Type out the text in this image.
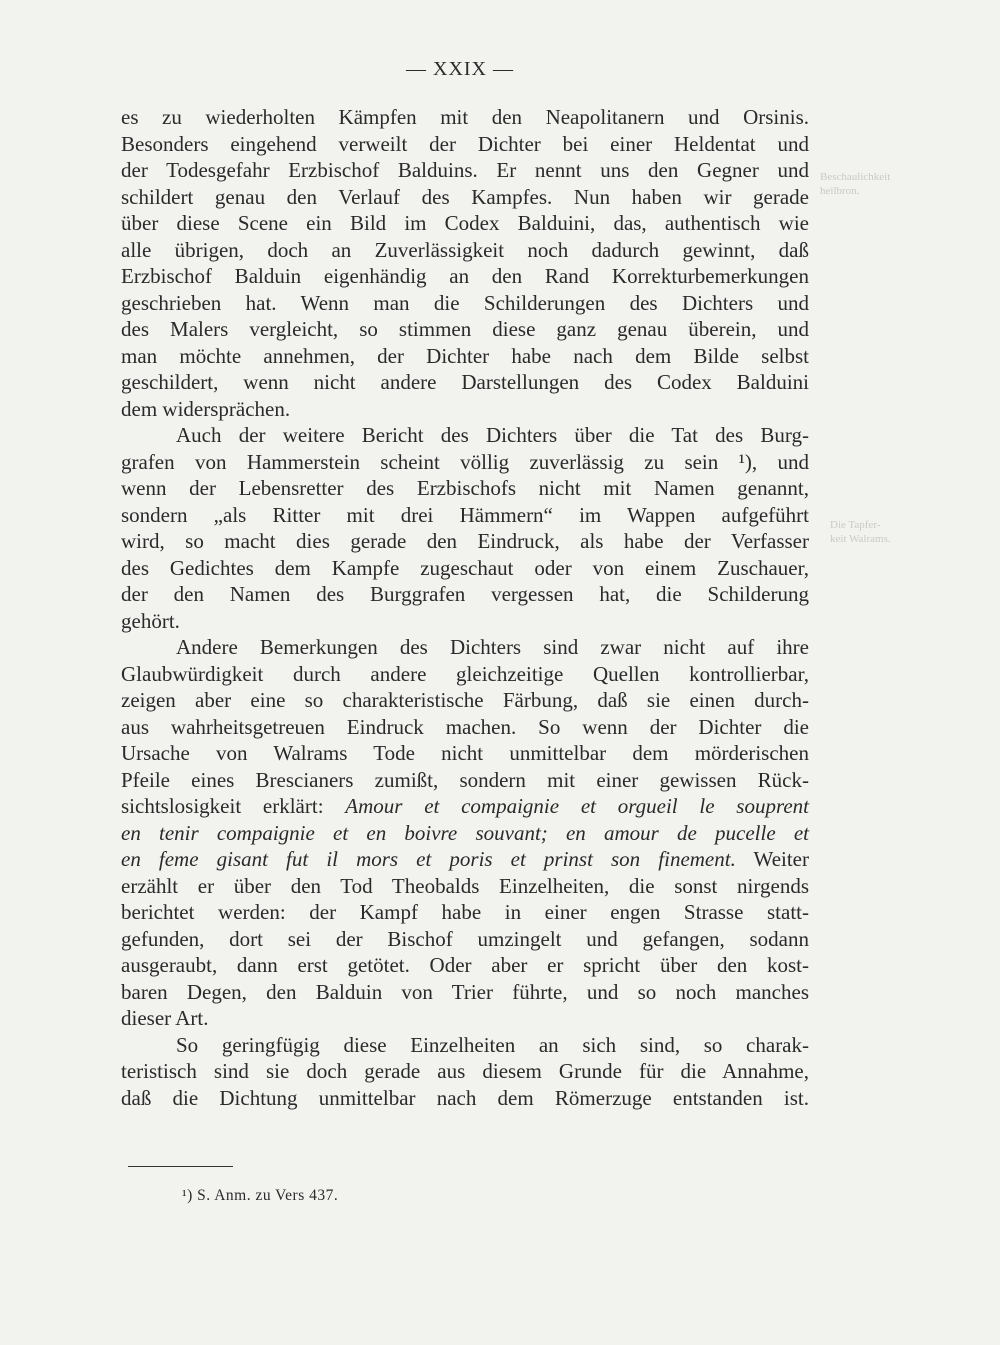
— XXIX —
Beschaulichkeit
heilbron.
Die Tapfer-
keit Walrams.
es zu wiederholten Kämpfen mit den Neapolitanern und Orsinis.
Besonders eingehend verweilt der Dichter bei einer Heldentat und
der Todesgefahr Erzbischof Balduins. Er nennt uns den Gegner und
schildert genau den Verlauf des Kampfes. Nun haben wir gerade
über diese Scene ein Bild im Codex Balduini, das, authentisch wie
alle übrigen, doch an Zuverlässigkeit noch dadurch gewinnt, daß
Erzbischof Balduin eigenhändig an den Rand Korrekturbemerkungen
geschrieben hat. Wenn man die Schilderungen des Dichters und
des Malers vergleicht, so stimmen diese ganz genau überein, und
man möchte annehmen, der Dichter habe nach dem Bilde selbst
geschildert, wenn nicht andere Darstellungen des Codex Balduini
dem widersprächen.
Auch der weitere Bericht des Dichters über die Tat des Burg-
grafen von Hammerstein scheint völlig zuverlässig zu sein ¹), und
wenn der Lebensretter des Erzbischofs nicht mit Namen genannt,
sondern „als Ritter mit drei Hämmern“ im Wappen aufgeführt
wird, so macht dies gerade den Eindruck, als habe der Verfasser
des Gedichtes dem Kampfe zugeschaut oder von einem Zuschauer,
der den Namen des Burggrafen vergessen hat, die Schilderung
gehört.
Andere Bemerkungen des Dichters sind zwar nicht auf ihre
Glaubwürdigkeit durch andere gleichzeitige Quellen kontrollierbar,
zeigen aber eine so charakteristische Färbung, daß sie einen durch-
aus wahrheitsgetreuen Eindruck machen. So wenn der Dichter die
Ursache von Walrams Tode nicht unmittelbar dem mörderischen
Pfeile eines Brescianers zumißt, sondern mit einer gewissen Rück-
sichtslosigkeit erklärt: Amour et compaignie et orgueil le souprent
en tenir compaignie et en boivre souvant; en amour de pucelle et
en feme gisant fut il mors et poris et prinst son finement. Weiter
erzählt er über den Tod Theobalds Einzelheiten, die sonst nirgends
berichtet werden: der Kampf habe in einer engen Strasse statt-
gefunden, dort sei der Bischof umzingelt und gefangen, sodann
ausgeraubt, dann erst getötet. Oder aber er spricht über den kost-
baren Degen, den Balduin von Trier führte, und so noch manches
dieser Art.
So geringfügig diese Einzelheiten an sich sind, so charak-
teristisch sind sie doch gerade aus diesem Grunde für die Annahme,
daß die Dichtung unmittelbar nach dem Römerzuge entstanden ist.
¹) S. Anm. zu Vers 437.
